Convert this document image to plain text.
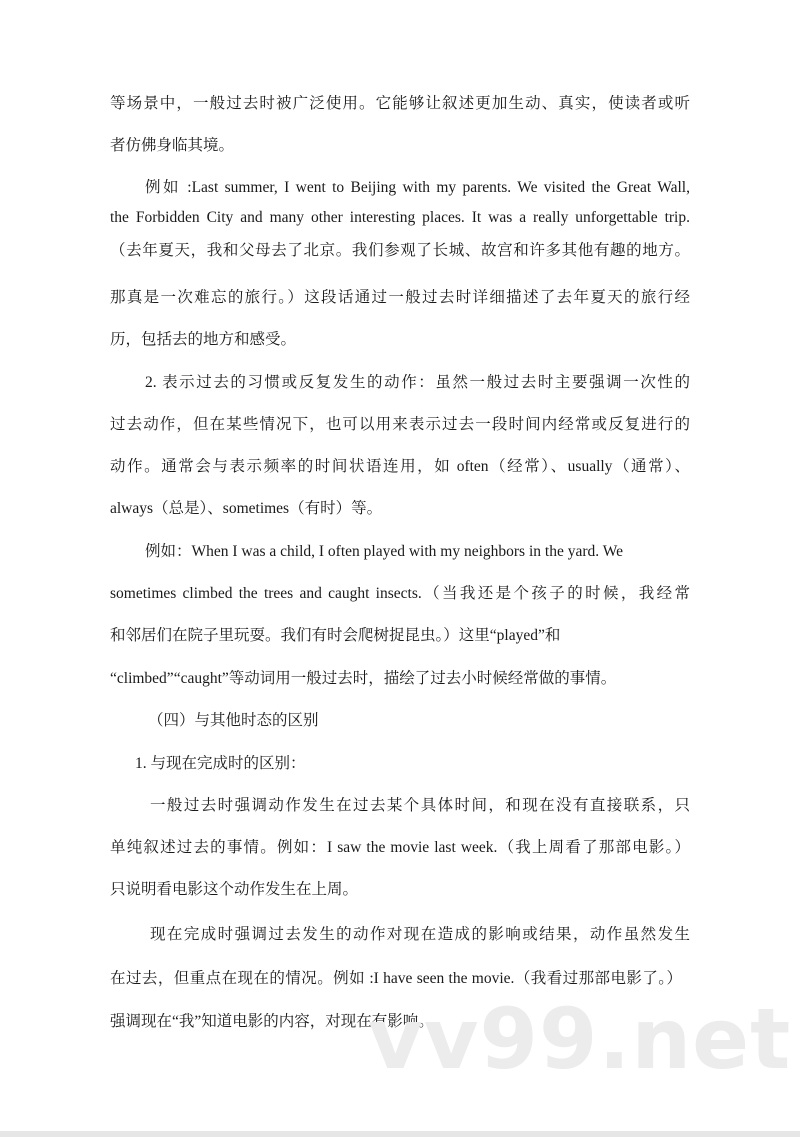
等场景中，一般过去时被广泛使用。它能够让叙述更加生动、真实，使读者或听
者仿佛身临其境。
例如 :Last summer, I went to Beijing with my parents. We visited the Great Wall,
the Forbidden City and many other interesting places. It was a really unforgettable trip.
（去年夏天，我和父母去了北京。我们参观了长城、故宫和许多其他有趣的地方。
那真是一次难忘的旅行。）这段话通过一般过去时详细描述了去年夏天的旅行经
历，包括去的地方和感受。
2. 表示过去的习惯或反复发生的动作：虽然一般过去时主要强调一次性的
过去动作，但在某些情况下，也可以用来表示过去一段时间内经常或反复进行的
动作。通常会与表示频率的时间状语连用，如 often（经常）、usually（通常）、
always（总是）、sometimes（有时）等。
例如：When I was a child, I often played with my neighbors in the yard. We
sometimes climbed the trees and caught insects.（当我还是个孩子的时候，我经常
和邻居们在院子里玩耍。我们有时会爬树捉昆虫。）这里“played”和
“climbed”“caught”等动词用一般过去时，描绘了过去小时候经常做的事情。
（四）与其他时态的区别
1. 与现在完成时的区别：
一般过去时强调动作发生在过去某个具体时间，和现在没有直接联系，只
单纯叙述过去的事情。例如：I saw the movie last week.（我上周看了那部电影。）
只说明看电影这个动作发生在上周。
现在完成时强调过去发生的动作对现在造成的影响或结果，动作虽然发生
在过去，但重点在现在的情况。例如 :I have seen the movie.（我看过那部电影了。）
强调现在“我”知道电影的内容，对现在有影响。
vv99.net
